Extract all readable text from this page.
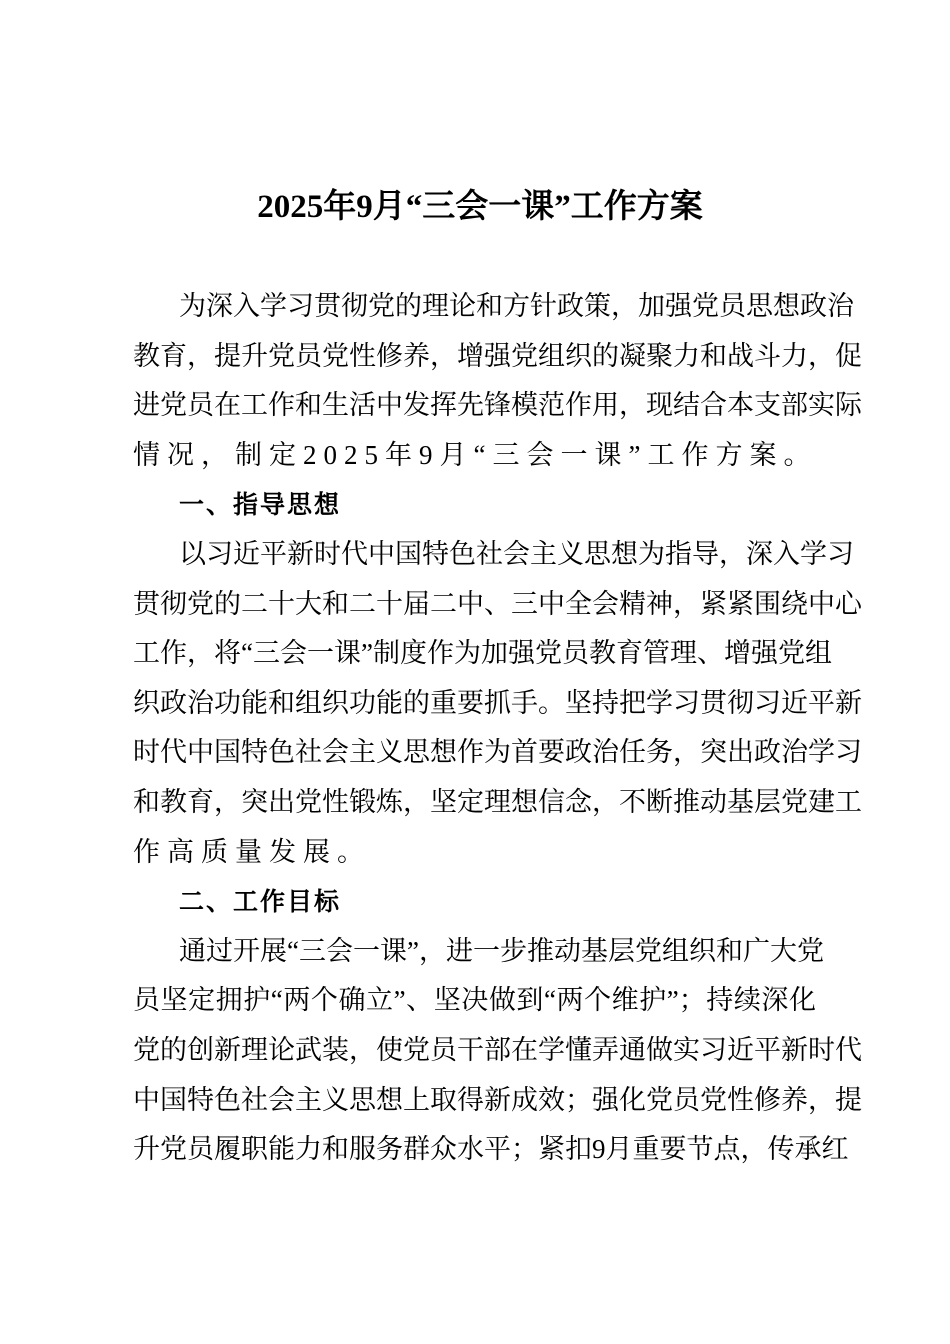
2025年9月“三会一课”工作方案
为深入学习贯彻党的理论和方针政策，加强党员思想政治
教育，提升党员党性修养，增强党组织的凝聚力和战斗力，促
进党员在工作和生活中发挥先锋模范作用，现结合本支部实际
情况，制定2025年9月“三会一课”工作方案。
一、指导思想
以习近平新时代中国特色社会主义思想为指导，深入学习
贯彻党的二十大和二十届二中、三中全会精神，紧紧围绕中心
工作，将“三会一课”制度作为加强党员教育管理、增强党组
织政治功能和组织功能的重要抓手。坚持把学习贯彻习近平新
时代中国特色社会主义思想作为首要政治任务，突出政治学习
和教育，突出党性锻炼，坚定理想信念，不断推动基层党建工
作高质量发展。
二、工作目标
通过开展“三会一课”，进一步推动基层党组织和广大党
员坚定拥护“两个确立”、坚决做到“两个维护”；持续深化
党的创新理论武装，使党员干部在学懂弄通做实习近平新时代
中国特色社会主义思想上取得新成效；强化党员党性修养，提
升党员履职能力和服务群众水平；紧扣9月重要节点，传承红
